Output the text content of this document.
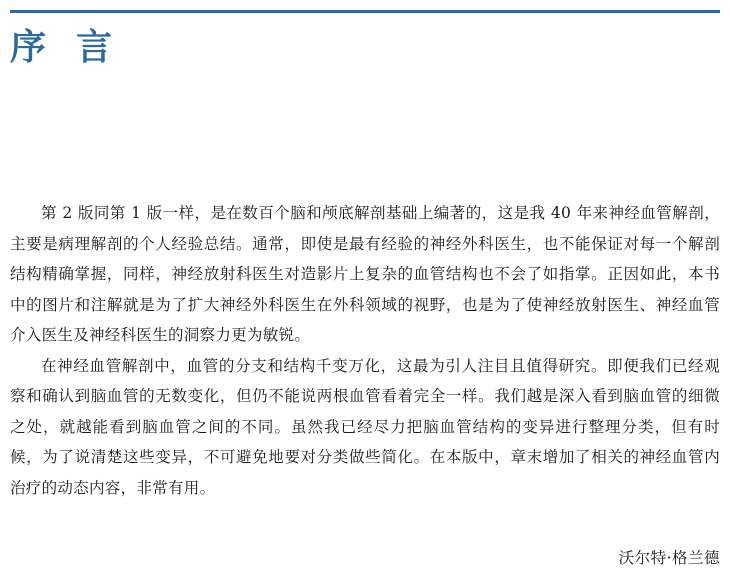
序言

第 2 版同第 1 版一样，是在数百个脑和颅底解剖基础上编著的，这是我 40 年来神经血管解剖，主要是病理解剖的个人经验总结。通常，即使是最有经验的神经外科医生，也不能保证对每一个解剖结构精确掌握，同样，神经放射科医生对造影片上复杂的血管结构也不会了如指掌。正因如此，本书中的图片和注解就是为了扩大神经外科医生在外科领域的视野，也是为了使神经放射医生、神经血管介入医生及神经科医生的洞察力更为敏锐。

在神经血管解剖中，血管的分支和结构千变万化，这最为引人注目且值得研究。即便我们已经观察和确认到脑血管的无数变化，但仍不能说两根血管看着完全一样。我们越是深入看到脑血管的细微之处，就越能看到脑血管之间的不同。虽然我已经尽力把脑血管结构的变异进行整理分类，但有时候，为了说清楚这些变异，不可避免地要对分类做些简化。在本版中，章末增加了相关的神经血管内治疗的动态内容，非常有用。

沃尔特·格兰德
